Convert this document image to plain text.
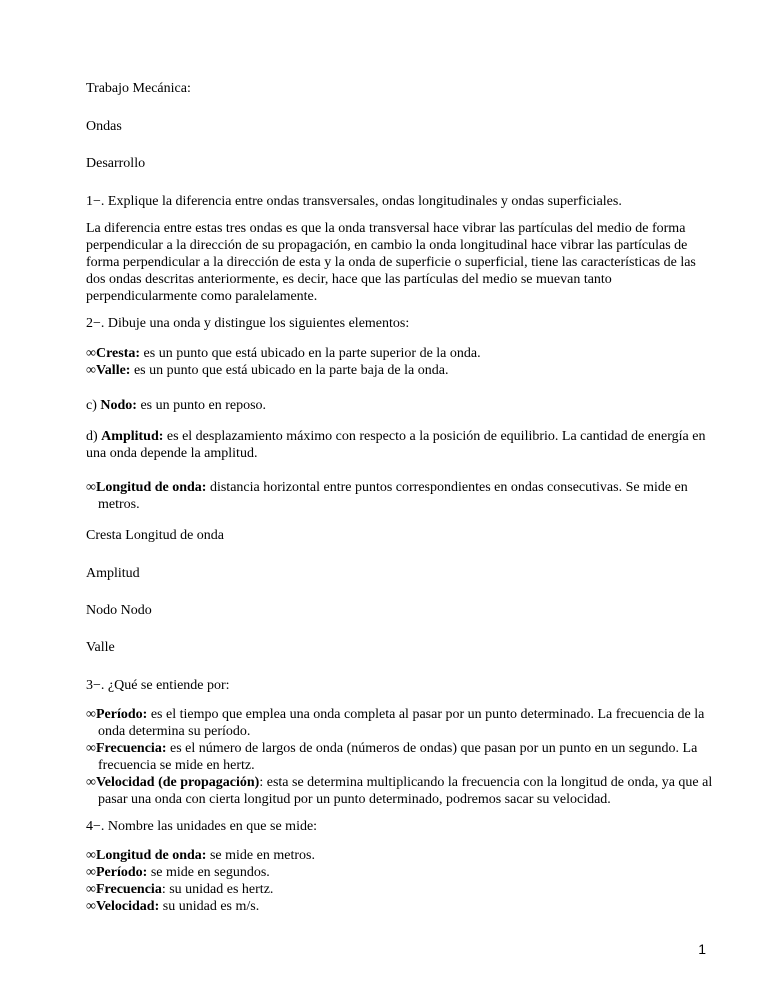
Trabajo Mecánica:

Ondas

Desarrollo

1−. Explique la diferencia entre ondas transversales, ondas longitudinales y ondas superficiales.

La diferencia entre estas tres ondas es que la onda transversal hace vibrar las partículas del medio de forma perpendicular a la dirección de su propagación, en cambio la onda longitudinal hace vibrar las partículas de forma perpendicular a la dirección de esta y la onda de superficie o superficial, tiene las características de las dos ondas descritas anteriormente, es decir, hace que las partículas del medio se muevan tanto perpendicularmente como paralelamente.

2−. Dibuje una onda y distingue los siguientes elementos:

∞Cresta: es un punto que está ubicado en la parte superior de la onda.

∞Valle: es un punto que está ubicado en la parte baja de la onda.

c) Nodo: es un punto en reposo.

d) Amplitud: es el desplazamiento máximo con respecto a la posición de equilibrio. La cantidad de energía en una onda depende la amplitud.

∞Longitud de onda: distancia horizontal entre puntos correspondientes en ondas consecutivas. Se mide en metros.

Cresta Longitud de onda

Amplitud

Nodo Nodo

Valle

3−. ¿Qué se entiende por:

∞Período: es el tiempo que emplea una onda completa al pasar por un punto determinado. La frecuencia de la onda determina su período.

∞Frecuencia: es el número de largos de onda (números de ondas) que pasan por un punto en un segundo. La frecuencia se mide en hertz.

∞Velocidad (de propagación): esta se determina multiplicando la frecuencia con la longitud de onda, ya que al pasar una onda con cierta longitud por un punto determinado, podremos sacar su velocidad.

4−. Nombre las unidades en que se mide:

∞Longitud de onda: se mide en metros.

∞Período: se mide en segundos.

∞Frecuencia: su unidad es hertz.

∞Velocidad: su unidad es m/s.

1
